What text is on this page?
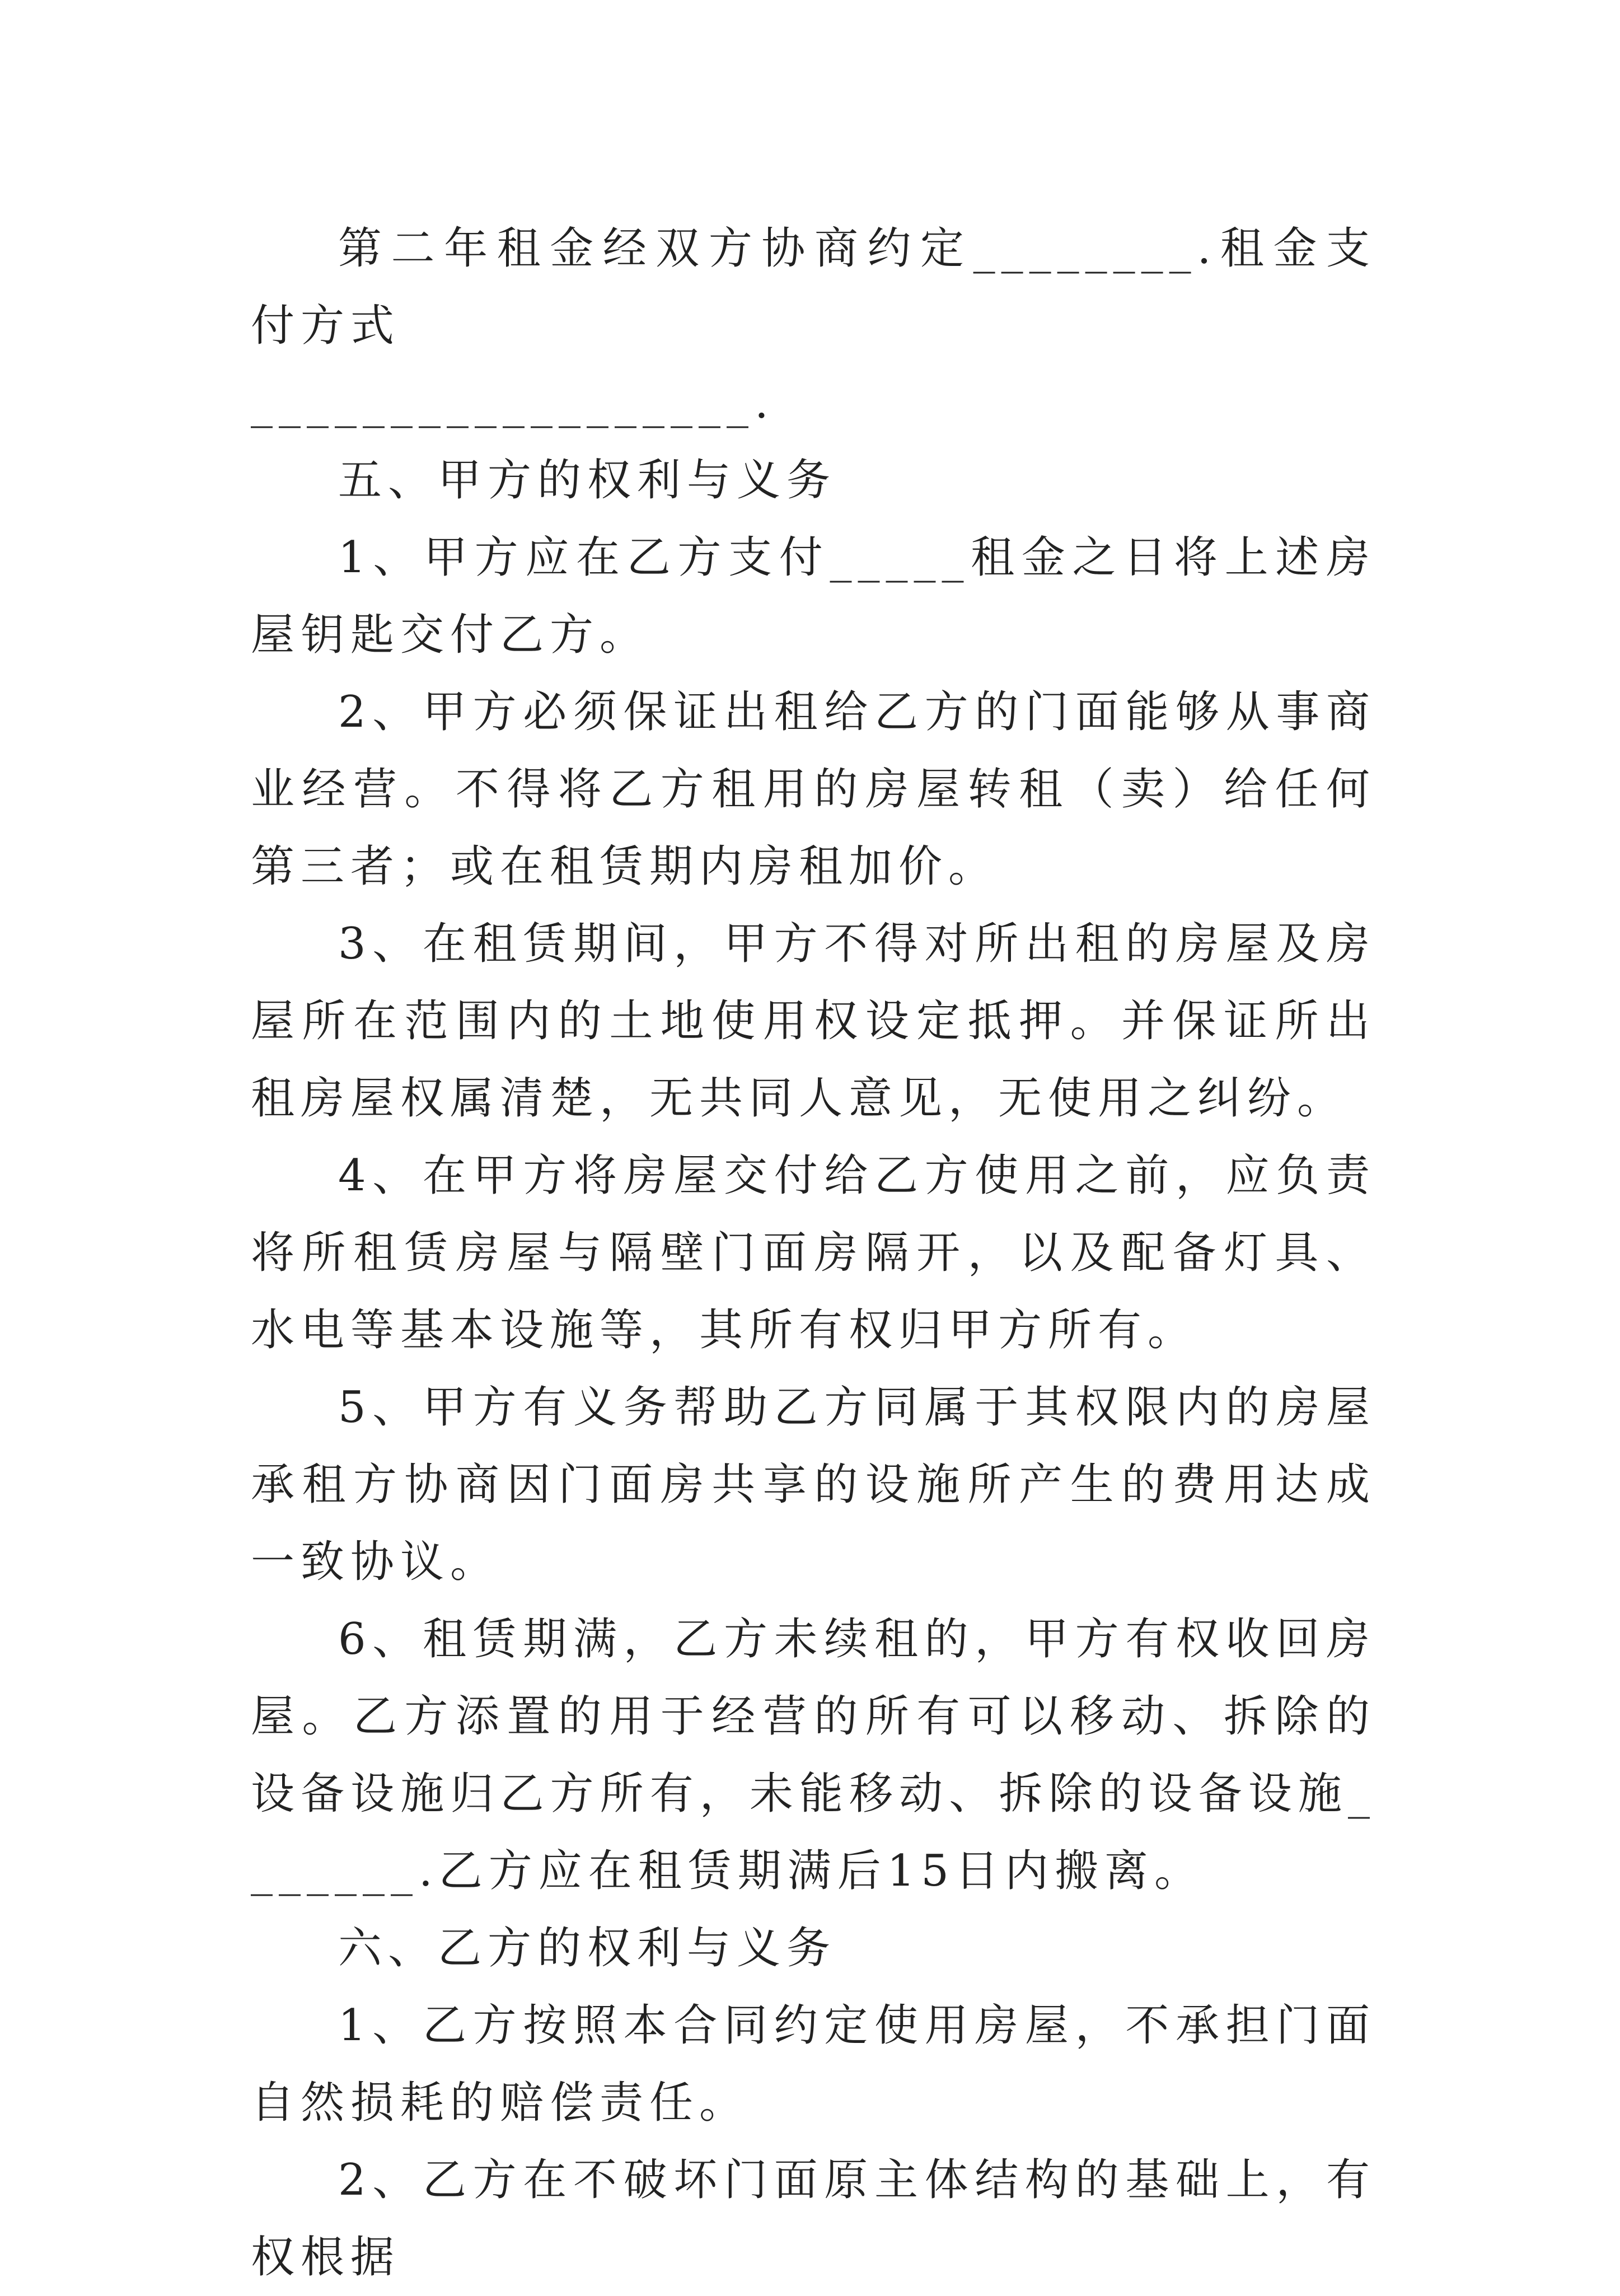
第二年租金经双方协商约定________.租金支付方式

__________________.

五、甲方的权利与义务

1、甲方应在乙方支付_____租金之日将上述房屋钥匙交付乙方。

2、甲方必须保证出租给乙方的门面能够从事商业经营。不得将乙方租用的房屋转租（卖）给任何第三者；或在租赁期内房租加价。

3、在租赁期间，甲方不得对所出租的房屋及房屋所在范围内的土地使用权设定抵押。并保证所出租房屋权属清楚，无共同人意见，无使用之纠纷。

4、在甲方将房屋交付给乙方使用之前，应负责将所租赁房屋与隔壁门面房隔开，以及配备灯具、水电等基本设施等，其所有权归甲方所有。

5、甲方有义务帮助乙方同属于其权限内的房屋承租方协商因门面房共享的设施所产生的费用达成一致协议。

6、租赁期满，乙方未续租的，甲方有权收回房屋。乙方添置的用于经营的所有可以移动、拆除的设备设施归乙方所有，未能移动、拆除的设备设施_______.乙方应在租赁期满后15日内搬离。

六、乙方的权利与义务

1、乙方按照本合同约定使用房屋，不承担门面自然损耗的赔偿责任。

2、乙方在不破坏门面原主体结构的基础上，有权根据
